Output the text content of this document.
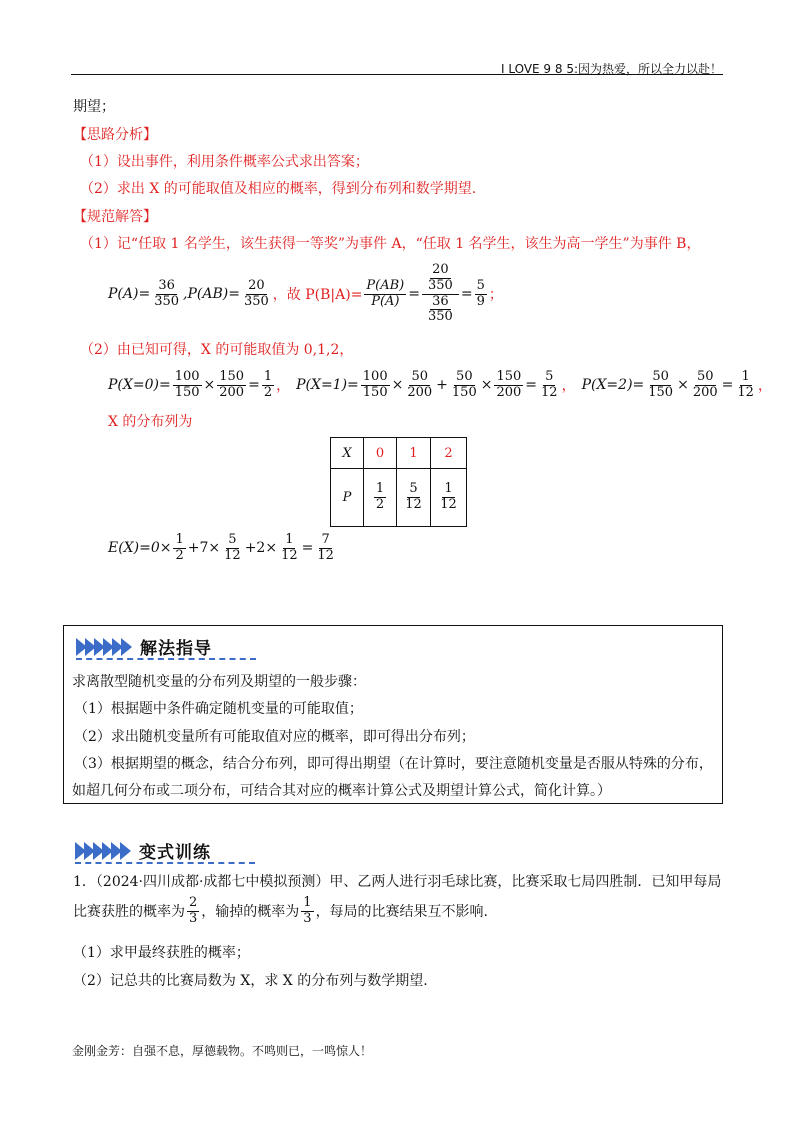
I LOVE 9 8 5:因为热爱，所以全力以赴！
期望；
【思路分析】
（1）设出事件，利用条件概率公式求出答案；
（2）求出 X 的可能取值及相应的概率，得到分布列和数学期望.
【规范解答】
（1）记“任取 1 名学生，该生获得一等奖”为事件 A，“任取 1 名学生，该生为高一学生”为事件 B，
$P(A)= \frac{36}{350} ,P(AB)= \frac{20}{350}$ ，故 $P(B|A)= \frac{P(AB)}{P(A)} = \frac{\frac{20}{350}}{\frac{36}{350}} = \frac{5}{9}$ ；
（2）由已知可得，X 的可能取值为 0,1,2，
$P(X=0)= \frac{100}{150} \times \frac{150}{200} = \frac{1}{2}$ ， $P(X=1)= \frac{100}{150} \times \frac{50}{200} + \frac{50}{150} \times \frac{150}{200} = \frac{5}{12}$ ， $P(X=2)= \frac{50}{150} \times \frac{50}{200} = \frac{1}{12}$ ，
X 的分布列为
X	0	1	2
P	$\frac{1}{2}$	$\frac{5}{12}$	$\frac{1}{12}$
$E(X)=0\times \frac{1}{2} +7\times \frac{5}{12} +2\times \frac{1}{12} = \frac{7}{12}$
解法指导
求离散型随机变量的分布列及期望的一般步骤：
（1）根据题中条件确定随机变量的可能取值；
（2）求出随机变量所有可能取值对应的概率，即可得出分布列；
（3）根据期望的概念，结合分布列，即可得出期望（在计算时，要注意随机变量是否服从特殊的分布，
如超几何分布或二项分布，可结合其对应的概率计算公式及期望计算公式，简化计算。）
变式训练
1．（2024·四川成都·成都七中模拟预测）甲、乙两人进行羽毛球比赛，比赛采取七局四胜制．已知甲每局
比赛获胜的概率为 $\frac{2}{3}$ ，输掉的概率为 $\frac{1}{3}$ ，每局的比赛结果互不影响.
（1）求甲最终获胜的概率；
（2）记总共的比赛局数为 X，求 X 的分布列与数学期望.
金刚金芳：自强不息，厚德载物。不鸣则已，一鸣惊人！
